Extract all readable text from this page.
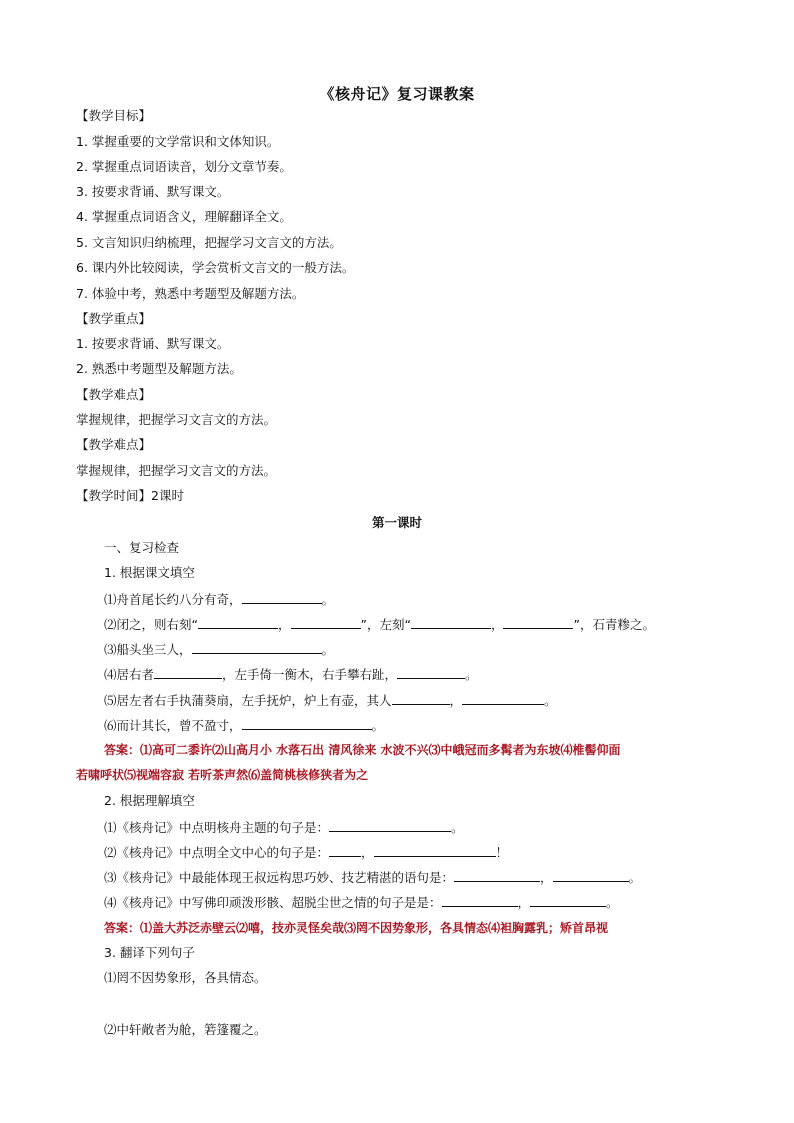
《核舟记》复习课教案
【教学目标】
1. 掌握重要的文学常识和文体知识。
2. 掌握重点词语读音，划分文章节奏。
3. 按要求背诵、默写课文。
4. 掌握重点词语含义，理解翻译全文。
5. 文言知识归纳梳理，把握学习文言文的方法。
6. 课内外比较阅读，学会赏析文言文的一般方法。
7. 体验中考，熟悉中考题型及解题方法。
【教学重点】
1. 按要求背诵、默写课文。
2. 熟悉中考题型及解题方法。
【教学难点】
掌握规律，把握学习文言文的方法。
【教学难点】
掌握规律，把握学习文言文的方法。
【教学时间】2课时
第一课时
一、复习检查
1. 根据课文填空
⑴舟首尾长约八分有奇，	。
⑵闭之，则右刻“	，	”，左刻“	，	”，石青糁之。
⑶船头坐三人，	。
⑷居右者	，左手倚一衡木，右手攀右趾，	。
⑸居左者右手执蒲葵扇，左手抚炉，炉上有壶，其人	，	。
⑹而计其长，曾不盈寸，	。
答案：⑴高可二黍许⑵山高月小 水落石出 清风徐来 水波不兴⑶中峨冠而多髯者为东坡⑷椎髻仰面
若啸呼状⑸视端容寂 若听茶声然⑹盖简桃核修狭者为之
2. 根据理解填空
⑴《核舟记》中点明核舟主题的句子是：	。
⑵《核舟记》中点明全文中心的句子是：	，	！
⑶《核舟记》中最能体现王叔远构思巧妙、技艺精湛的语句是：	，	。
⑷《核舟记》中写佛印顽泼形骸、超脱尘世之情的句子是是：	，	。
答案：⑴盖大苏泛赤壁云⑵嘻，技亦灵怪矣哉⑶罔不因势象形，各具情态⑷袒胸露乳；矫首昂视
3. 翻译下列句子
⑴罔不因势象形，各具情态。
⑵中轩敞者为舱，箬篷覆之。
